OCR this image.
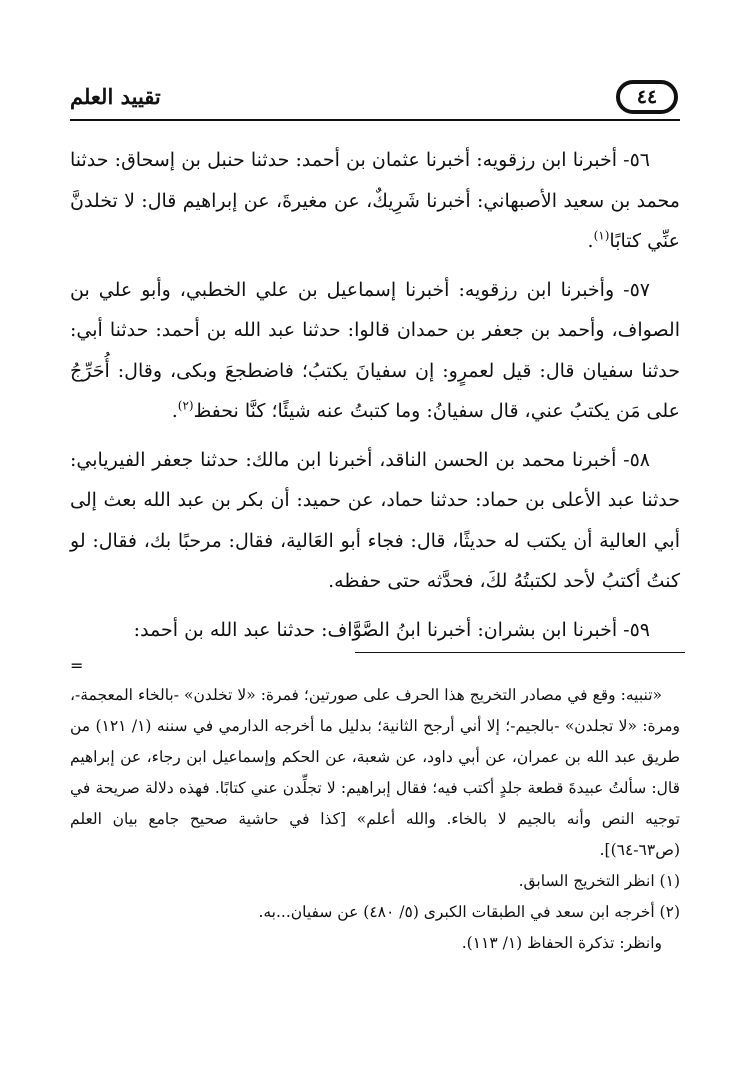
٤٤
تقييد العلم

٥٦- أخبرنا ابن رزقويه: أخبرنا عثمان بن أحمد: حدثنا حنبل بن إسحاق: حدثنا محمد بن سعيد الأصبهاني: أخبرنا شَرِيكٌ، عن مغيرةَ، عن إبراهيم قال: لا تخلدنَّ عنِّي كتابًا$^{(١)}$.

٥٧- وأخبرنا ابن رزقويه: أخبرنا إسماعيل بن علي الخطبي، وأبو علي بن الصواف، وأحمد بن جعفر بن حمدان قالوا: حدثنا عبد الله بن أحمد: حدثنا أبي: حدثنا سفيان قال: قيل لعمرٍو: إن سفيانَ يكتبُ؛ فاضطجعَ وبكى، وقال: أُحَرِّجُ على مَن يكتبُ عني، قال سفيانُ: وما كتبتُ عنه شيئًا؛ كنَّا نحفظ$^{(٢)}$.

٥٨- أخبرنا محمد بن الحسن الناقد، أخبرنا ابن مالك: حدثنا جعفر الفيريابي: حدثنا عبد الأعلى بن حماد: حدثنا حماد، عن حميد: أن بكر بن عبد الله بعث إلى أبي العالية أن يكتب له حديثًا، قال: فجاء أبو العَالية، فقال: مرحبًا بك، فقال: لو كنتُ أكتبُ لأحد لكتبتُهُ لكَ، فحدَّثه حتى حفظه.

٥٩- أخبرنا ابن بشران: أخبرنا ابنُ الصَّوَّاف: حدثنا عبد الله بن أحمد:

=

«تنبيه: وقع في مصادر التخريج هذا الحرف على صورتين؛ فمرة: «لا تخلدن» -بالخاء المعجمة-، ومرة: «لا تجلدن» -بالجيم-؛ إلا أني أرجح الثانية؛ بدليل ما أخرجه الدارمي في سننه (١/ ١٢١) من طريق عبد الله بن عمران، عن أبي داود، عن شعبة، عن الحكم وإسماعيل ابن رجاء، عن إبراهيم قال: سألتُ عبيدةَ قطعة جلدٍ أكتب فيه؛ فقال إبراهيم: لا تجلِّدن عني كتابًا. فهذه دلالة صريحة في توجيه النص وأنه بالجيم لا بالخاء. والله أعلم» [كذا في حاشية صحيح جامع بيان العلم (ص٦٣-٦٤)].

(١) انظر التخريج السابق.

(٢) أخرجه ابن سعد في الطبقات الكبرى (٥/ ٤٨٠) عن سفيان...به.

وانظر: تذكرة الحفاظ (١/ ١١٣).
